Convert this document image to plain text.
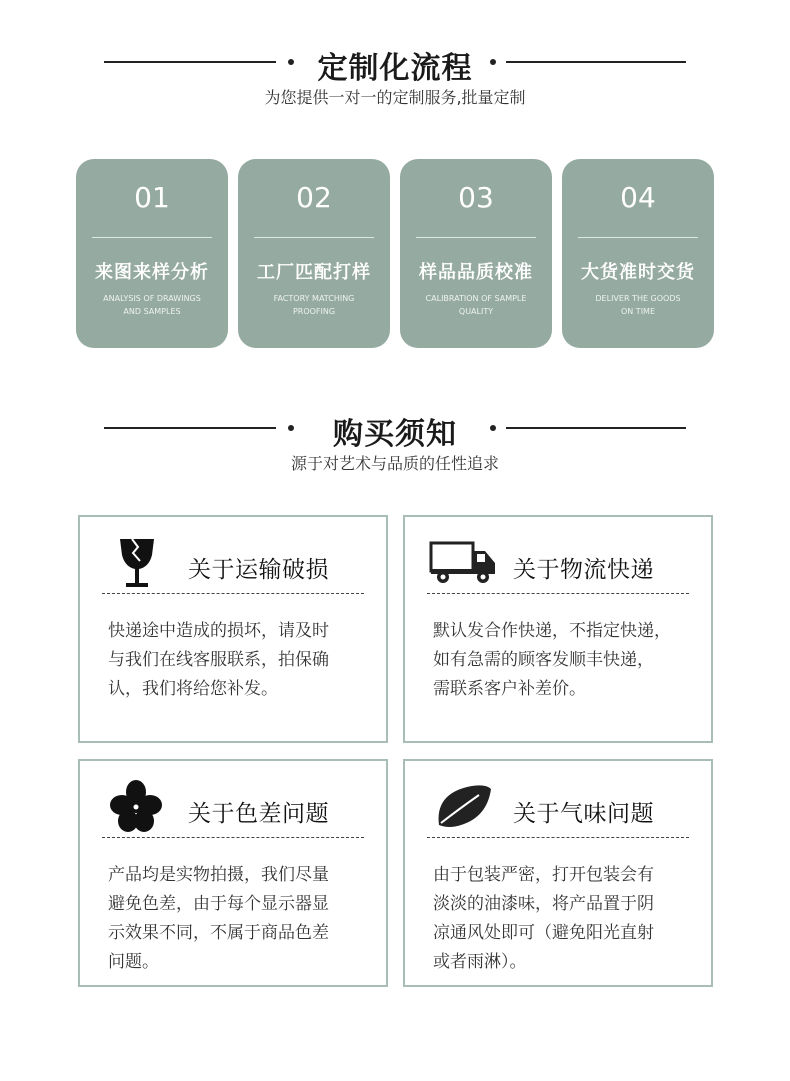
定制化流程
为您提供一对一的定制服务,批量定制
01
来图来样分析
ANALYSIS OF DRAWINGS
AND SAMPLES
02
工厂匹配打样
FACTORY MATCHING
PROOFING
03
样品品质校准
CALIBRATION OF SAMPLE
QUALITY
04
大货准时交货
DELIVER THE GOODS
ON TIME
购买须知
源于对艺术与品质的任性追求
关于运输破损
快递途中造成的损坏，请及时
与我们在线客服联系，拍保确
认，我们将给您补发。
关于物流快递
默认发合作快递，不指定快递，
如有急需的顾客发顺丰快递，
需联系客户补差价。
关于色差问题
产品均是实物拍摄，我们尽量
避免色差，由于每个显示器显
示效果不同，不属于商品色差
问题。
关于气味问题
由于包装严密，打开包装会有
淡淡的油漆味，将产品置于阴
凉通风处即可（避免阳光直射
或者雨淋）。
